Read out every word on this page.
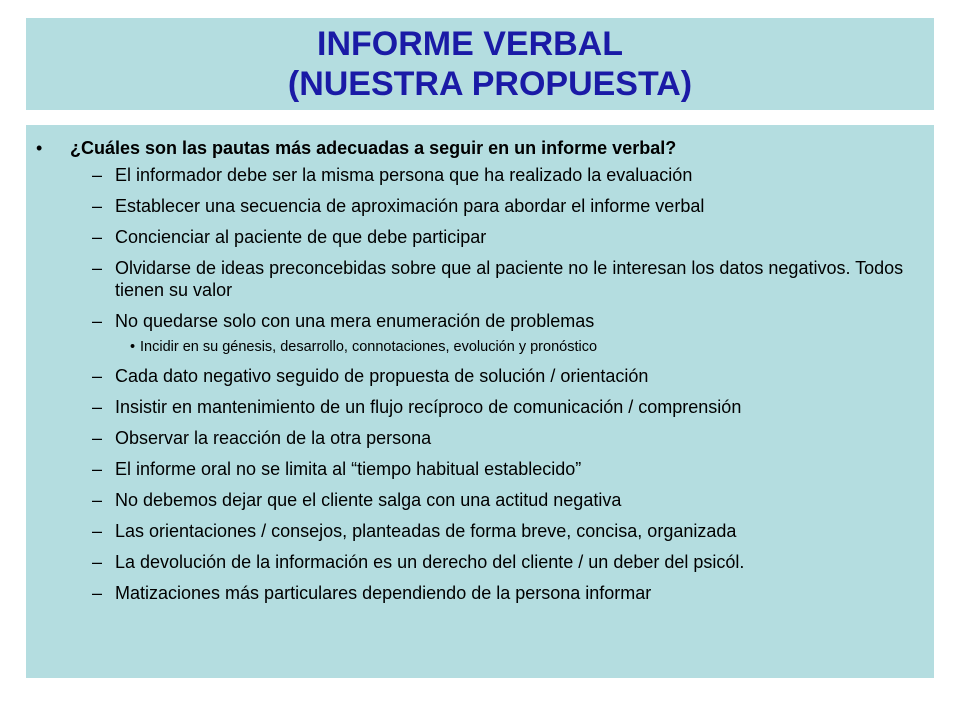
INFORME VERBAL
(NUESTRA PROPUESTA)
• ¿Cuáles son las pautas más adecuadas a seguir en un informe verbal?
– El informador debe ser la misma persona que ha realizado la evaluación
– Establecer una secuencia de aproximación para abordar el informe verbal
– Concienciar al paciente de que debe participar
– Olvidarse de ideas preconcebidas sobre que al paciente no le interesan los datos negativos. Todos tienen su valor
– No quedarse solo con una mera enumeración de problemas
• Incidir en su génesis, desarrollo, connotaciones, evolución y pronóstico
– Cada dato negativo seguido de propuesta de solución / orientación
– Insistir en mantenimiento de un flujo recíproco de comunicación / comprensión
– Observar la reacción de la otra persona
– El informe oral no se limita al “tiempo habitual establecido”
– No debemos dejar que el cliente salga con una actitud negativa
– Las orientaciones / consejos, planteadas de forma breve, concisa, organizada
– La devolución de la información es un derecho del cliente / un deber del psicól.
– Matizaciones más particulares dependiendo de la persona informar
